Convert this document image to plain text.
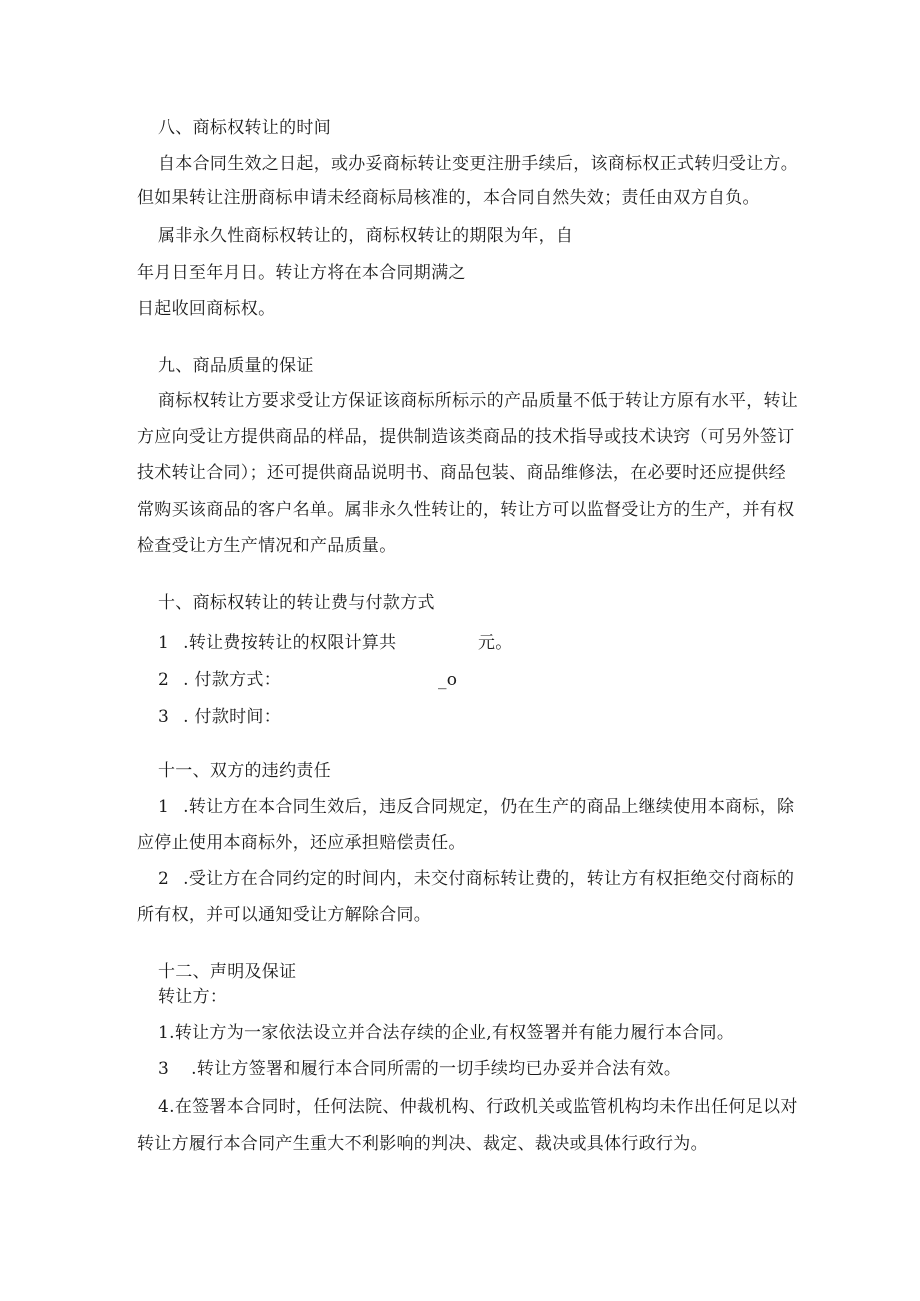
八、商标权转让的时间
自本合同生效之日起，或办妥商标转让变更注册手续后，该商标权正式转归受让方。
但如果转让注册商标申请未经商标局核准的，本合同自然失效；责任由双方自负。
属非永久性商标权转让的，商标权转让的期限为年，自
年月日至年月日。转让方将在本合同期满之
日起收回商标权。
九、商品质量的保证
商标权转让方要求受让方保证该商标所标示的产品质量不低于转让方原有水平，转让
方应向受让方提供商品的样品，提供制造该类商品的技术指导或技术诀窍（可另外签订
技术转让合同）；还可提供商品说明书、商品包装、商品维修法，在必要时还应提供经
常购买该商品的客户名单。属非永久性转让的，转让方可以监督受让方的生产，并有权
检查受让方生产情况和产品质量。
十、商标权转让的转让费与付款方式
1 .转让费按转让的权限计算共	元。
2 . 付款方式：	_o
3 . 付款时间：
十一、双方的违约责任
1 .转让方在本合同生效后，违反合同规定，仍在生产的商品上继续使用本商标，除
应停止使用本商标外，还应承担赔偿责任。
2 .受让方在合同约定的时间内，未交付商标转让费的，转让方有权拒绝交付商标的
所有权，并可以通知受让方解除合同。
十二、声明及保证
转让方：
1.转让方为一家依法设立并合法存续的企业,有权签署并有能力履行本合同。
3 .转让方签署和履行本合同所需的一切手续均已办妥并合法有效。
4.在签署本合同时，任何法院、仲裁机构、行政机关或监管机构均未作出任何足以对
转让方履行本合同产生重大不利影响的判决、裁定、裁决或具体行政行为。
